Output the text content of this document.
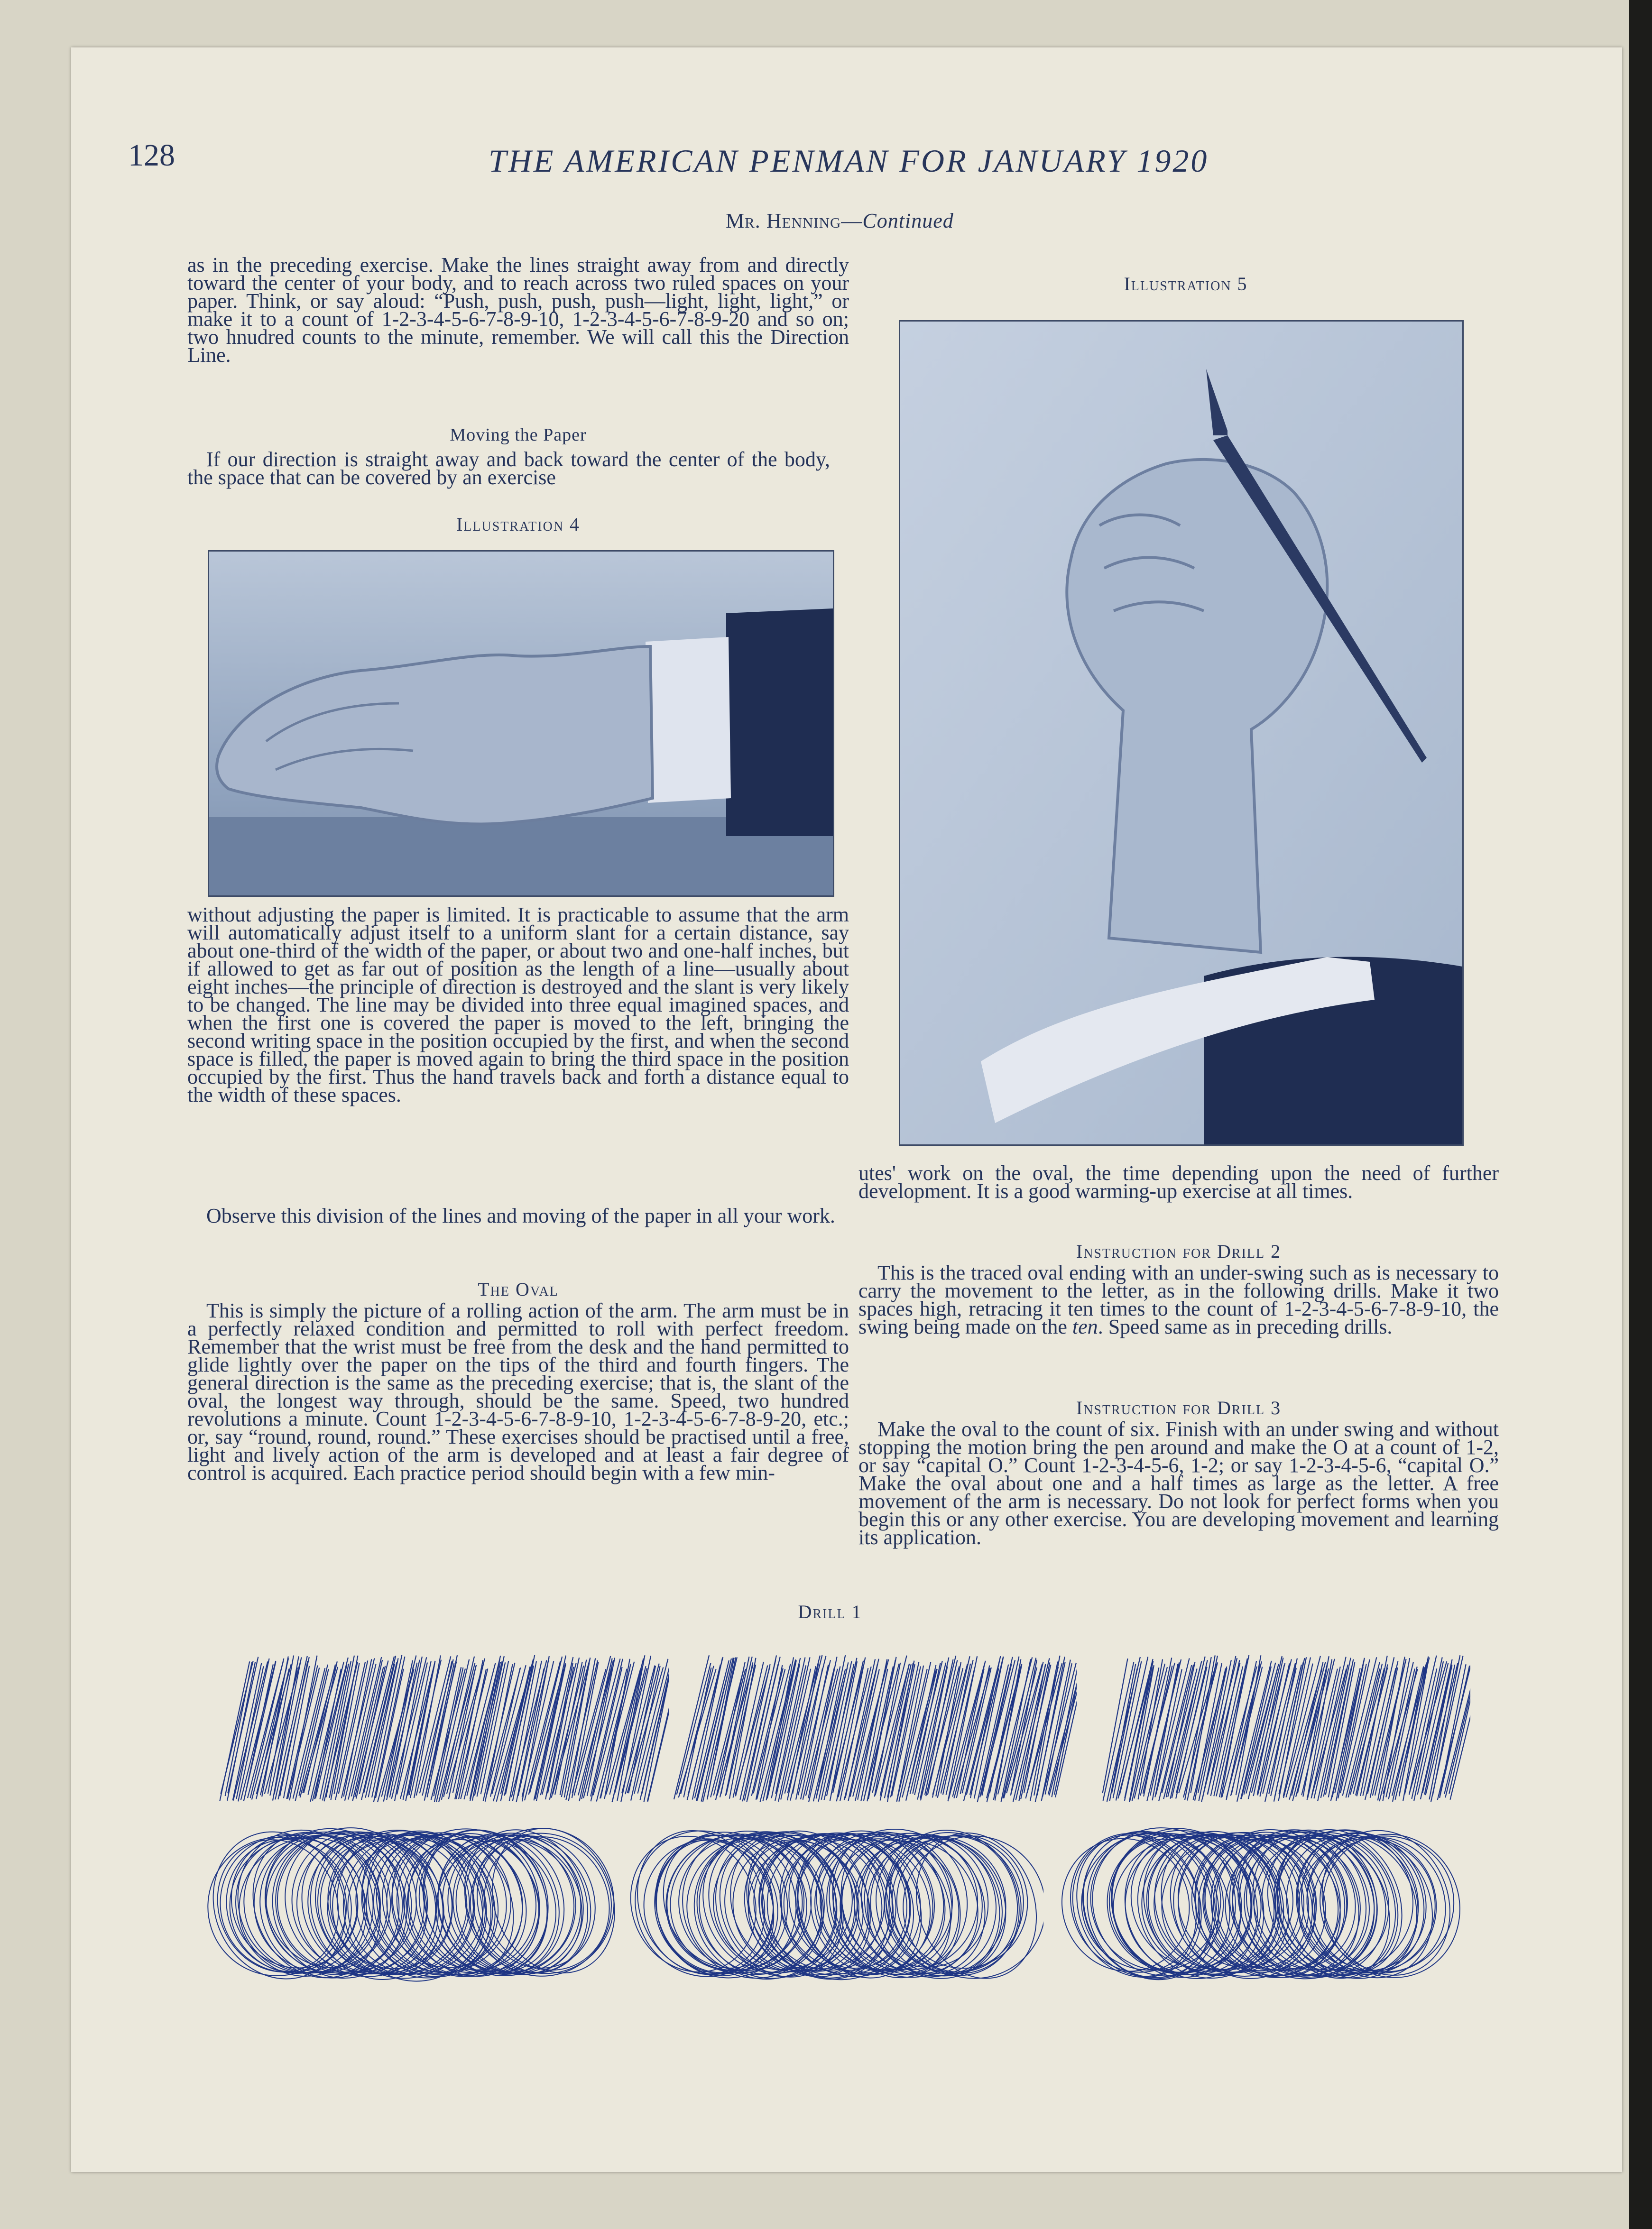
128	THE AMERICAN PENMAN FOR JANUARY 1920
Mr. Henning—Continued
as in the preceding exercise. Make the lines straight away from and directly toward the center of your body, and to reach across two ruled spaces on your paper. Think, or say aloud: “Push, push, push, push—light, light, light,” or make it to a count of 1-2-3-4-5-6-7-8-9-10, 1-2-3-4-5-6-7-8-9-20 and so on; two hnudred counts to the minute, remember. We will call this the Direction Line.
Moving the Paper
If our direction is straight away and back toward the center of the body, the space that can be covered by an exercise
Illustration 4
without adjusting the paper is limited. It is practicable to assume that the arm will automatically adjust itself to a uniform slant for a certain distance, say about one-third of the width of the paper, or about two and one-half inches, but if allowed to get as far out of position as the length of a line—usually about eight inches—the principle of direction is destroyed and the slant is very likely to be changed. The line may be divided into three equal imagined spaces, and when the first one is covered the paper is moved to the left, bringing the second writing space in the position occupied by the first, and when the second space is filled, the paper is moved again to bring the third space in the position occupied by the first. Thus the hand travels back and forth a distance equal to the width of these spaces.
Observe this division of the lines and moving of the paper in all your work.
The Oval
This is simply the picture of a rolling action of the arm. The arm must be in a perfectly relaxed condition and permitted to roll with perfect freedom. Remember that the wrist must be free from the desk and the hand permitted to glide lightly over the paper on the tips of the third and fourth fingers. The general direction is the same as the preceding exercise; that is, the slant of the oval, the longest way through, should be the same. Speed, two hundred revolutions a minute. Count 1-2-3-4-5-6-7-8-9-10, 1-2-3-4-5-6-7-8-9-20, etc.; or, say “round, round, round.” These exercises should be practised until a free, light and lively action of the arm is developed and at least a fair degree of control is acquired. Each practice period should begin with a few min-
Illustration 5
utes' work on the oval, the time depending upon the need of further development. It is a good warming-up exercise at all times.
Instruction for Drill 2
This is the traced oval ending with an under-swing such as is necessary to carry the movement to the letter, as in the following drills. Make it two spaces high, retracing it ten times to the count of 1-2-3-4-5-6-7-8-9-10, the swing being made on the ten. Speed same as in preceding drills.
Instruction for Drill 3
Make the oval to the count of six. Finish with an under swing and without stopping the motion bring the pen around and make the O at a count of 1-2, or say “capital O.” Count 1-2-3-4-5-6, 1-2; or say 1-2-3-4-5-6, “capital O.” Make the oval about one and a half times as large as the letter. A free movement of the arm is necessary. Do not look for perfect forms when you begin this or any other exercise. You are developing movement and learning its application.
Drill 1
